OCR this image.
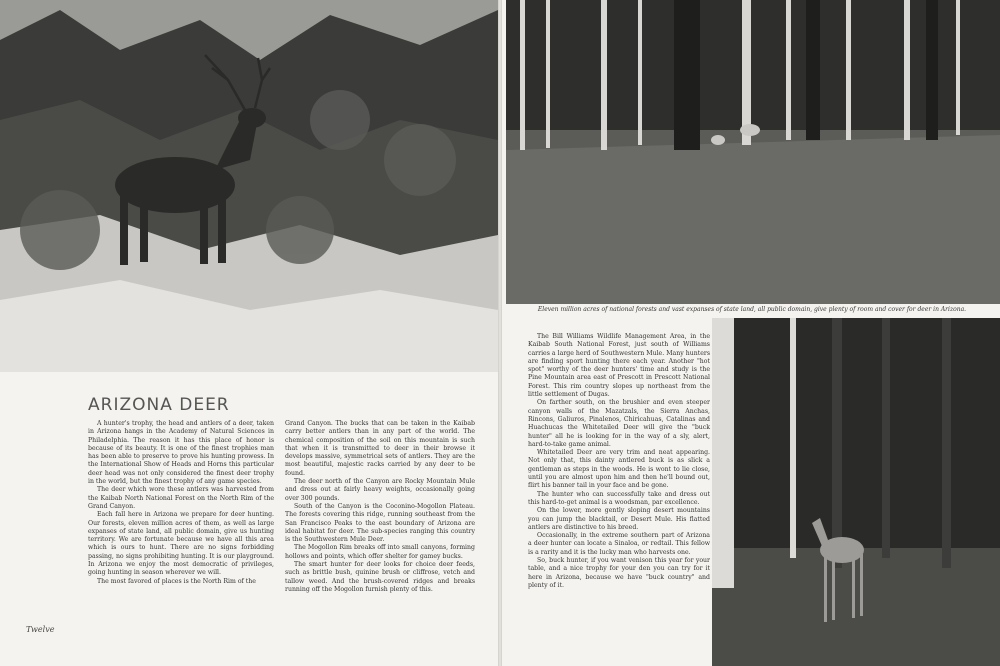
ARIZONA DEER

A hunter's trophy, the head and antlers of a deer, taken in Arizona hangs in the Academy of Natural Sciences in Philadelphia. The reason it has this place of honor is because of its beauty. It is one of the finest trophies man has been able to preserve to prove his hunting prowess. In the International Show of Heads and Horns this particular deer head was not only considered the finest deer trophy in the world, but the finest trophy of any game species.

The deer which wore these antlers was harvested from the Kaibab North National Forest on the North Rim of the Grand Canyon.

Each fall here in Arizona we prepare for deer hunting. Our forests, eleven million acres of them, as well as large expanses of state land, all public domain, give us hunting territory. We are fortunate because we have all this area which is ours to hunt. There are no signs forbidding passing, no signs prohibiting hunting. It is our playground. In Arizona we enjoy the most democratic of privileges, going hunting in season wherever we will.

The most favored of places is the North Rim of the

Grand Canyon. The bucks that can be taken in the Kaibab carry better antlers than in any part of the world. The chemical composition of the soil on this mountain is such that when it is transmitted to deer in their browse it develops massive, symmetrical sets of antlers. They are the most beautiful, majestic racks carried by any deer to be found.

The deer north of the Canyon are Rocky Mountain Mule and dress out at fairly heavy weights, occasionally going over 300 pounds.

South of the Canyon is the Coconino-Mogollon Plateau. The forests covering this ridge, running southeast from the San Francisco Peaks to the east boundary of Arizona are ideal habitat for deer. The sub-species ranging this country is the Southwestern Mule Deer.

The Mogollon Rim breaks off into small canyons, forming hollows and points, which offer shelter for gamey bucks.

The smart hunter for deer looks for choice deer feeds, such as brittle bush, quinine brush or cliffrose, vetch and tallow weed. And the brush-covered ridges and breaks running off the Mogollon furnish plenty of this.

Twelve
Eleven million acres of national forests and vast expanses of state land, all public domain, give plenty of room and cover for deer in Arizona.

The Bill Williams Wildlife Management Area, in the Kaibab South National Forest, just south of Williams carries a large herd of Southwestern Mule. Many hunters are finding sport hunting there each year. Another "hot spot" worthy of the deer hunters' time and study is the Pine Mountain area east of Prescott in Prescott National Forest. This rim country slopes up northeast from the little settlement of Dugas.

On farther south, on the brushier and even steeper canyon walls of the Mazatzals, the Sierra Anchas, Rincons, Galiuros, Pinalenos, Chiricahuas, Catalinas and Huachucas the Whitetailed Deer will give the "buck hunter" all he is looking for in the way of a sly, alert, hard-to-take game animal.

Whitetailed Deer are very trim and neat appearing. Not only that, this dainty antlered buck is as slick a gentleman as steps in the woods. He is wont to lie close, until you are almost upon him and then he'll bound out, flirt his banner tail in your face and be gone.

The hunter who can successfully take and dress out this hard-to-get animal is a woodsman, par excellence.

On the lower, more gently sloping desert mountains you can jump the blacktail, or Desert Mule. His flatted antlers are distinctive to his breed.

Occasionally, in the extreme southern part of Arizona a deer hunter can locate a Sinaloa, or redtail. This fellow is a rarity and it is the lucky man who harvests one.

So, buck hunter, if you want venison this year for your table, and a nice trophy for your den you can try for it here in Arizona, because we have "buck country" and plenty of it.
